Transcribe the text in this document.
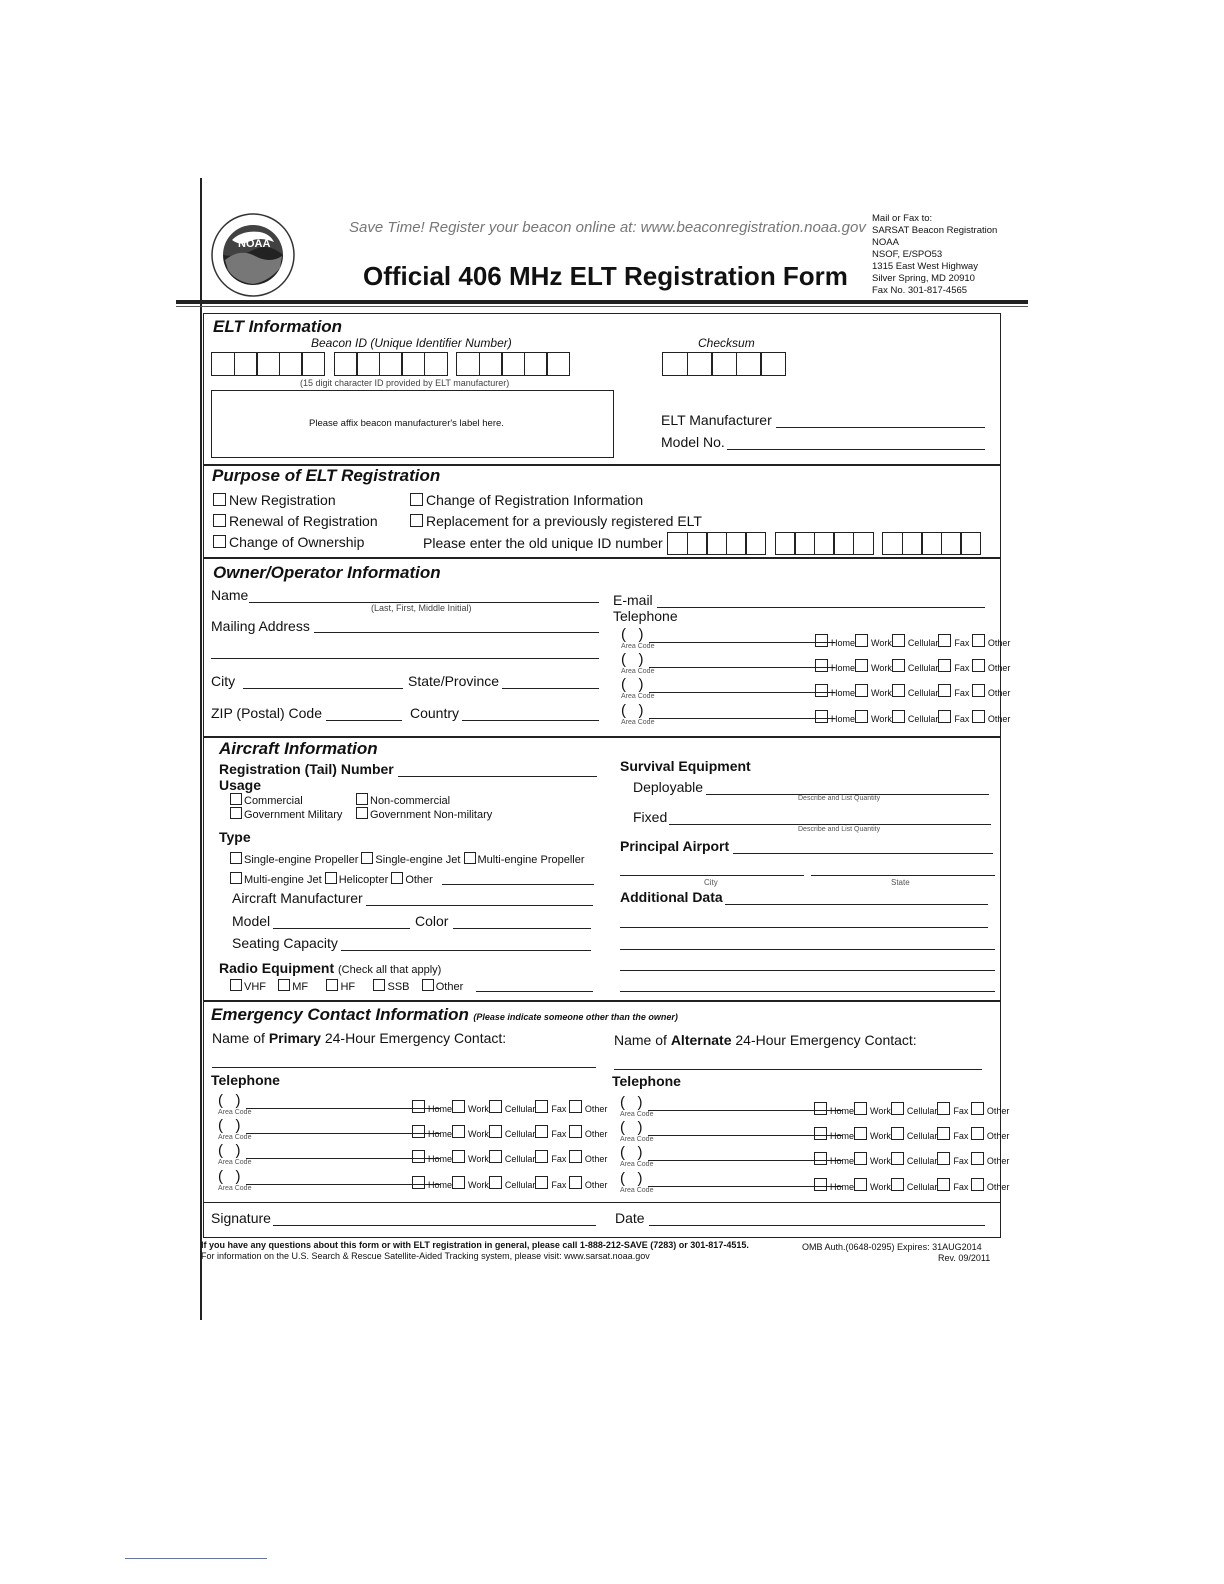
NOAA
Save Time! Register your beacon online at: www.beaconregistration.noaa.gov
Official 406 MHz ELT Registration Form
Mail or Fax to:
SARSAT Beacon Registration
NOAA
NSOF, E/SPO53
1315 East West Highway
Silver Spring, MD 20910
Fax No. 301-817-4565
ELT Information
Beacon ID (Unique Identifier Number)	Checksum
(15 digit character ID provided by ELT manufacturer)
Please affix beacon manufacturer's label here.	ELT Manufacturer
Model No.
Purpose of ELT Registration
New Registration
Renewal of Registration
Change of Ownership
Change of Registration Information
Replacement for a previously registered ELT
Please enter the old unique ID number
Owner/Operator Information
Name
(Last, First, Middle Initial)
Mailing Address
City	State/Province
ZIP (Postal) Code	Country
E-mail
Telephone
(   )
Area Code	Home Work Cellular Fax Other
(   )
Area Code	Home Work Cellular Fax Other
(   )
Area Code	Home Work Cellular Fax Other
(   )
Area Code	Home Work Cellular Fax Other
Aircraft Information
Registration (Tail) Number
Usage
Commercial	Non-commercial
Government Military	Government Non-military
Type
Single-engine Propeller Single-engine Jet Multi-engine Propeller
Multi-engine Jet Helicopter Other
Aircraft Manufacturer
Model	Color
Seating Capacity
Radio Equipment (Check all that apply)
VHF MF	HF	SSB Other
Survival Equipment
Deployable
Describe and List Quantity
Fixed
Describe and List Quantity
Principal Airport
City	State
Additional Data
Emergency Contact Information (Please indicate someone other than the owner)
Name of Primary 24-Hour Emergency Contact:	Name of Alternate 24-Hour Emergency Contact:
Telephone	Telephone
(   )
Area Code	Home Work Cellular Fax Other
(   )
Area Code	Home Work Cellular Fax Other
(   )
Area Code	Home Work Cellular Fax Other
(   )
Area Code	Home Work Cellular Fax Other
(   )
Area Code	Home Work Cellular Fax Other
(   )
Area Code	Home Work Cellular Fax Other
(   )
Area Code	Home Work Cellular Fax Other
(   )
Area Code	Home Work Cellular Fax Other
Signature	Date
If you have any questions about this form or with ELT registration in general, please call 1-888-212-SAVE (7283) or 301-817-4515.
For information on the U.S. Search & Rescue Satellite-Aided Tracking system, please visit: www.sarsat.noaa.gov
OMB Auth.(0648-0295) Expires: 31AUG2014
Rev. 09/2011
